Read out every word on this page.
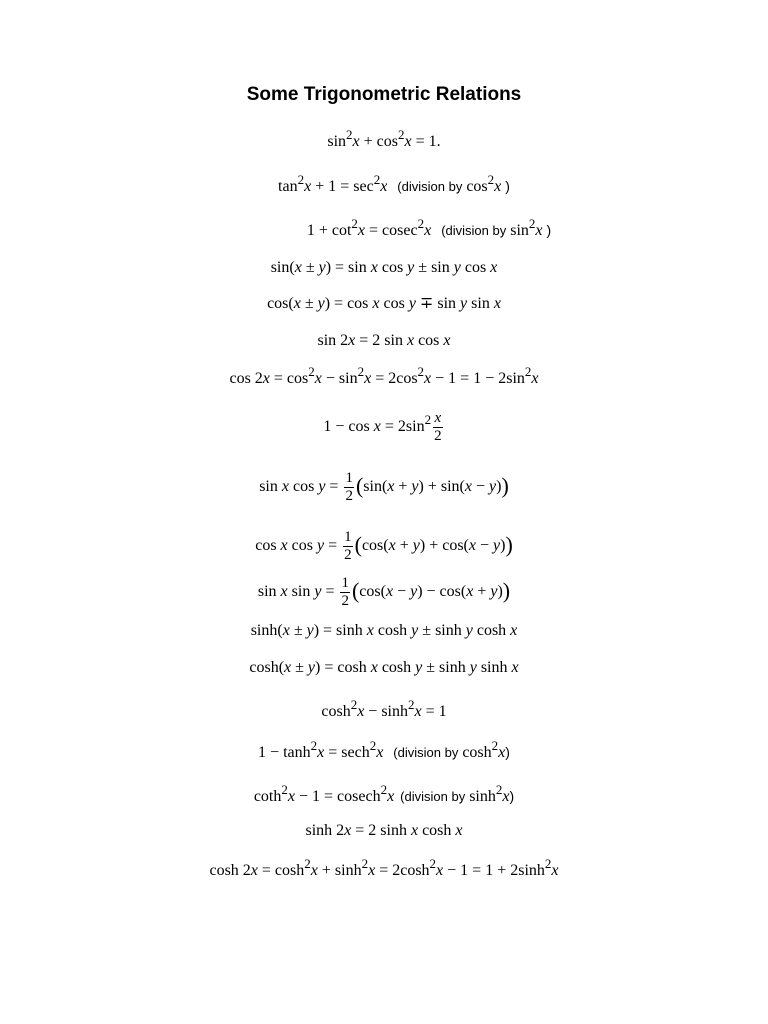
Some Trigonometric Relations
$\sin^2x + \cos^2x = 1$.
$\tan^2x + 1 = \sec^2x$ (division by $\cos^2x$ )
$1 + \cot^2x = cosec^2x$ (division by $\sin^2x$ )
sin(x ± y) = sin x cos y ± sin y cos x
cos(x ± y) = cos x cos y ∓ sin y sin x
sin 2x = 2 sin x cos x
$\cos 2x = \cos^2x - \sin^2x = 2\cos^2x - 1 = 1 - 2\sin^2x$
$1 - \cos x = 2\sin^2 \frac{x}{2}$
sin x $\cos y = \frac{1}{2} (\sin(x + y) + \sin(x - y))$
cos x $\cos y = \frac{1}{2} (\cos(x + y) + \cos(x - y))$
sin x $\sin y = \frac{1}{2} (\cos(x - y) - \cos(x + y))$
sinh(x ± y) = sinh x cosh y ± sinh y cosh x
cosh(x ± y) = cosh x cosh y ± sinh y sinh x
$\cosh^2x - \sinh^2x = 1$
$1 - \tanh^2x = \sec h^2x$ (division by $\cosh^2x$)
coth$^2$x − 1 = cosech$^2$x (division by $\sinh^2x$)
sinh 2x = 2 sinh x cosh x
$\cosh 2x = \cosh^2x + \sinh^2x = 2\cosh^2x - 1 = 1 + 2\sinh^2x$
